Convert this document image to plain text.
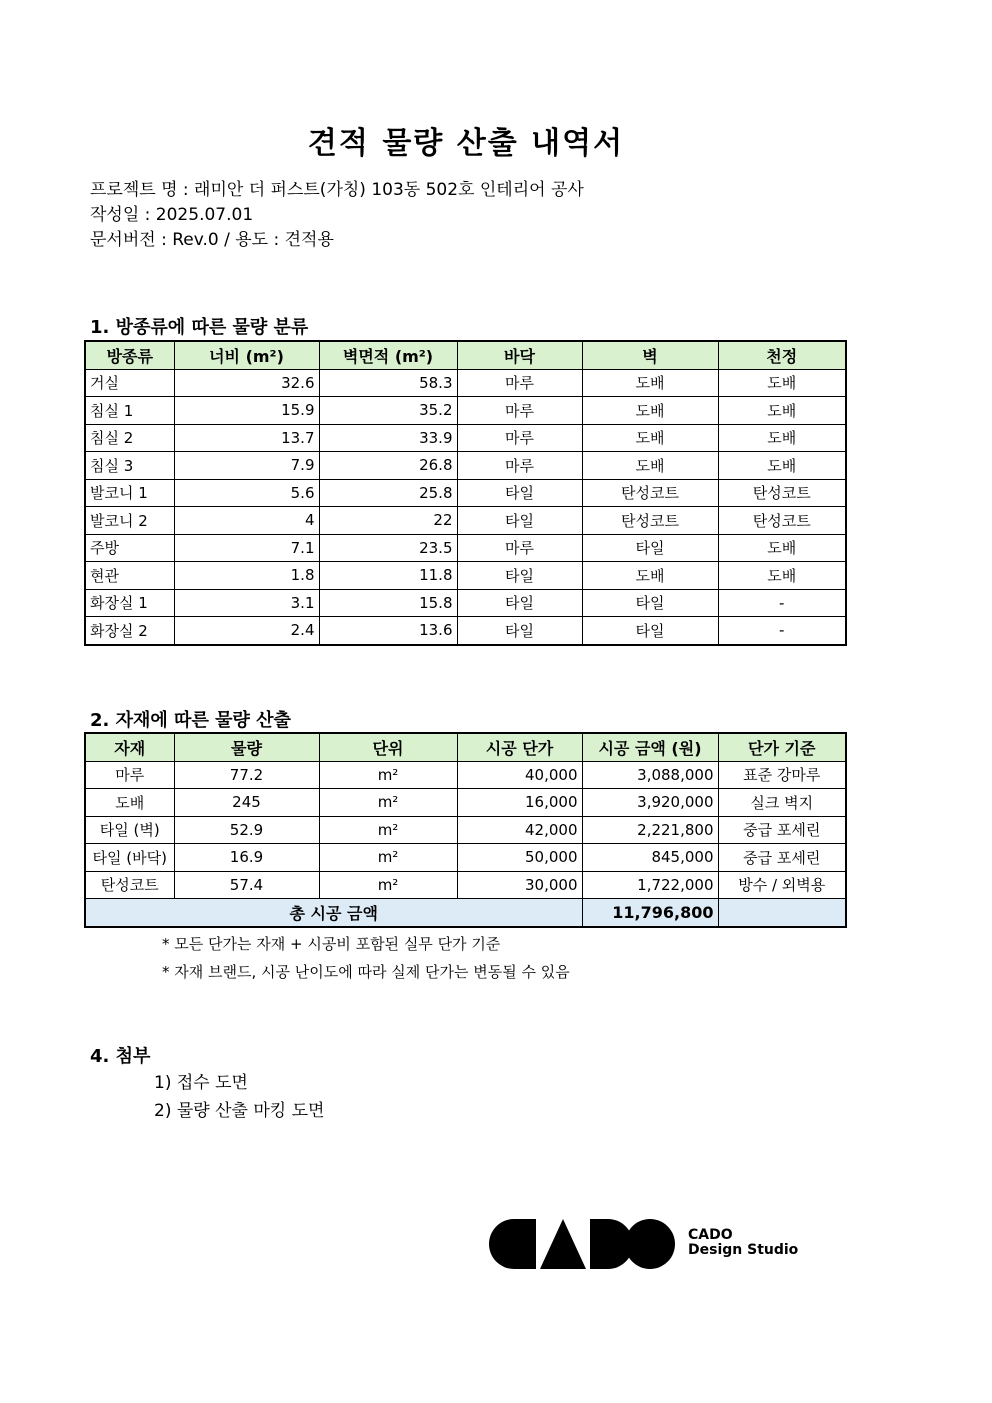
견적 물량 산출 내역서
프로젝트 명 : 래미안 더 퍼스트(가칭) 103동 502호 인테리어 공사
작성일 : 2025.07.01
문서버전 : Rev.0 / 용도 : 견적용
1. 방종류에 따른 물량 분류
방종류	너비 (m²)	벽면적 (m²)	바닥	벽	천정
거실	32.6	58.3	마루	도배	도배
침실 1	15.9	35.2	마루	도배	도배
침실 2	13.7	33.9	마루	도배	도배
침실 3	7.9	26.8	마루	도배	도배
발코니 1	5.6	25.8	타일	탄성코트	탄성코트
발코니 2	4	22	타일	탄성코트	탄성코트
주방	7.1	23.5	마루	타일	도배
현관	1.8	11.8	타일	도배	도배
화장실 1	3.1	15.8	타일	타일	-
화장실 2	2.4	13.6	타일	타일	-
2. 자재에 따른 물량 산출
자재	물량	단위	시공 단가	시공 금액 (원)	단가 기준
마루	77.2	m²	40,000	3,088,000	표준 강마루
도배	245	m²	16,000	3,920,000	실크 벽지
타일 (벽)	52.9	m²	42,000	2,221,800	중급 포세린
타일 (바닥)	16.9	m²	50,000	845,000	중급 포세린
탄성코트	57.4	m²	30,000	1,722,000	방수 / 외벽용
총 시공 금액				11,796,800	
* 모든 단가는 자재 + 시공비 포함된 실무 단가 기준
* 자재 브랜드, 시공 난이도에 따라 실제 단가는 변동될 수 있음
4. 첨부
1) 접수 도면
2) 물량 산출 마킹 도면
CADO
Design Studio
